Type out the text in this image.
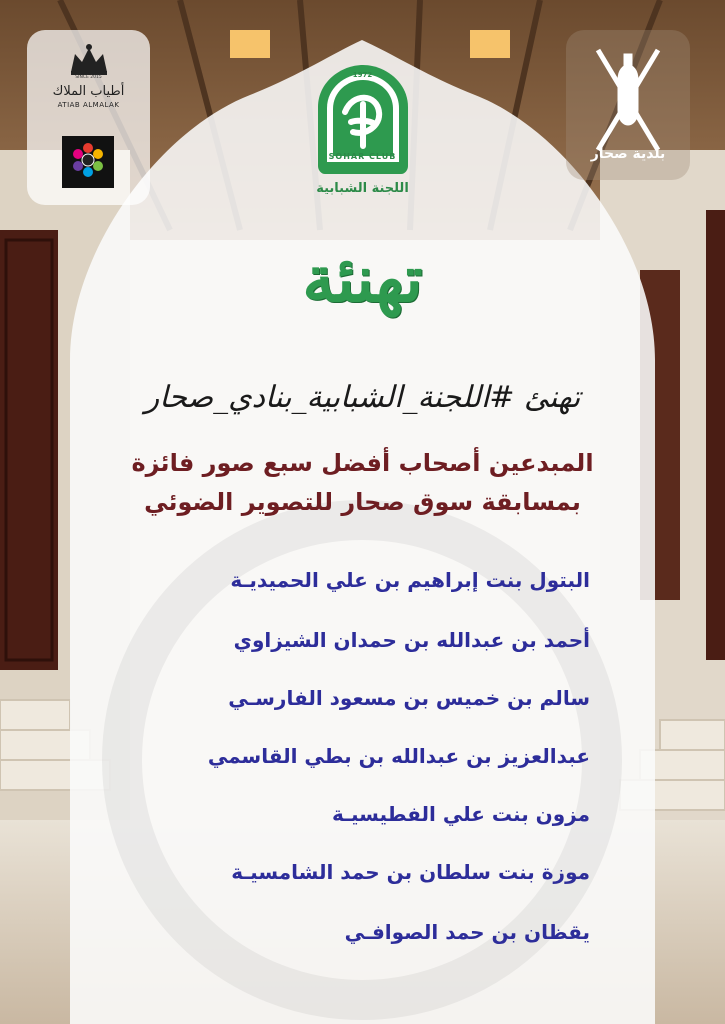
SINCE 2015
أطياب الملاك
ATIAB ALMALAK
بلدية صحار
1972
SOHAR CLUB
اللجنة الشبابية
تهنئة
تهنئ #اللجنة_الشبابية_بنادي_صحار
المبدعين أصحاب أفضل سبع صور فائزة
بمسابقة سوق صحار للتصوير الضوئي
البتول بنت إبراهيم بن علي الحميديـة
أحمد بن عبدالله بن حمدان الشيزاوي
سالم بن خميس بن مسعود الفارسـي
عبدالعزيز بن عبدالله بن بطي القاسمي
مزون بنت علي الفطيسيـة
موزة بنت سلطان بن حمد الشامسيـة
يقظان بن حمد الصوافـي
